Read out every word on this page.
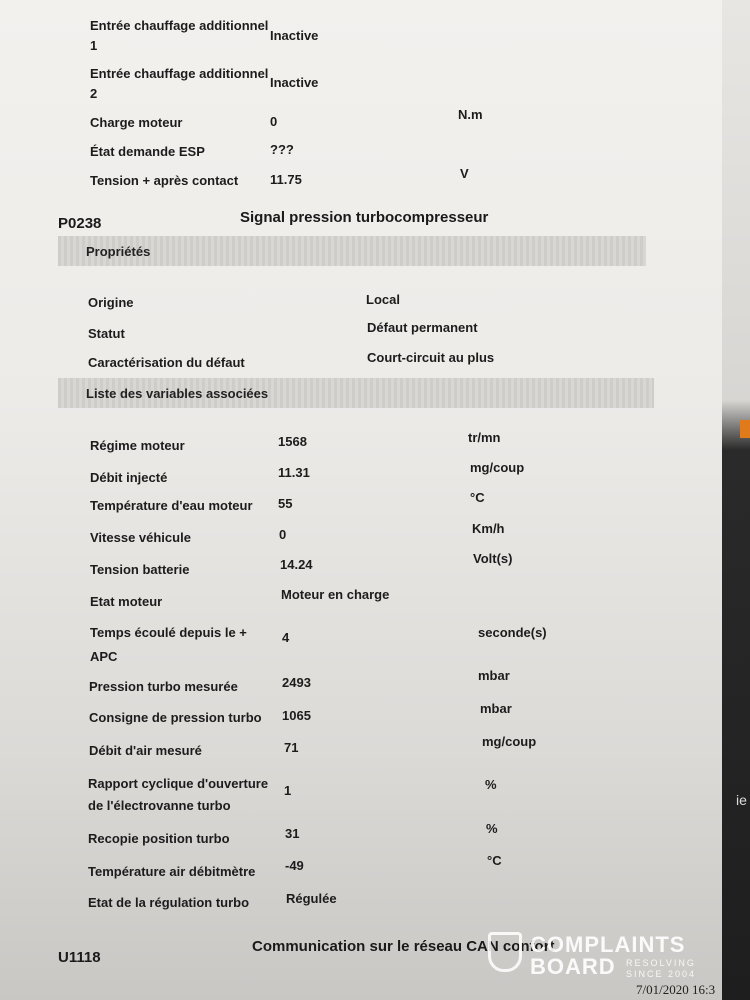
Entrée chauffage additionnel
1
Inactive
Entrée chauffage additionnel
2
Inactive
Charge moteur	0	N.m
État demande ESP	???
Tension + après contact 11.75	V
P0238	Signal pression turbocompresseur
Propriétés
Origine	Local
Statut	Défaut permanent
Caractérisation du défaut	Court-circuit au plus
Liste des variables associées
Régime moteur	1568	tr/mn
Débit injecté	11.31	mg/coup
Température d'eau moteur 55	°C
Vitesse véhicule	0	Km/h
Tension batterie	14.24	Volt(s)
Etat moteur	Moteur en charge
Temps écoulé depuis le +
APC
4	seconde(s)
Pression turbo mesurée	2493	mbar
Consigne de pression turbo 1065	mbar
Débit d'air mesuré	71	mg/coup
Rapport cyclique d'ouverture
de l'électrovanne turbo
1	%
Recopie position turbo	31	%
Température air débitmètre -49	°C
Etat de la régulation turbo	Régulée
U1118
Communication sur le réseau CAN confort
ie
COMPLAINTS
BOARD	RESOLVING
SINCE 2004
7/01/2020 16:3
